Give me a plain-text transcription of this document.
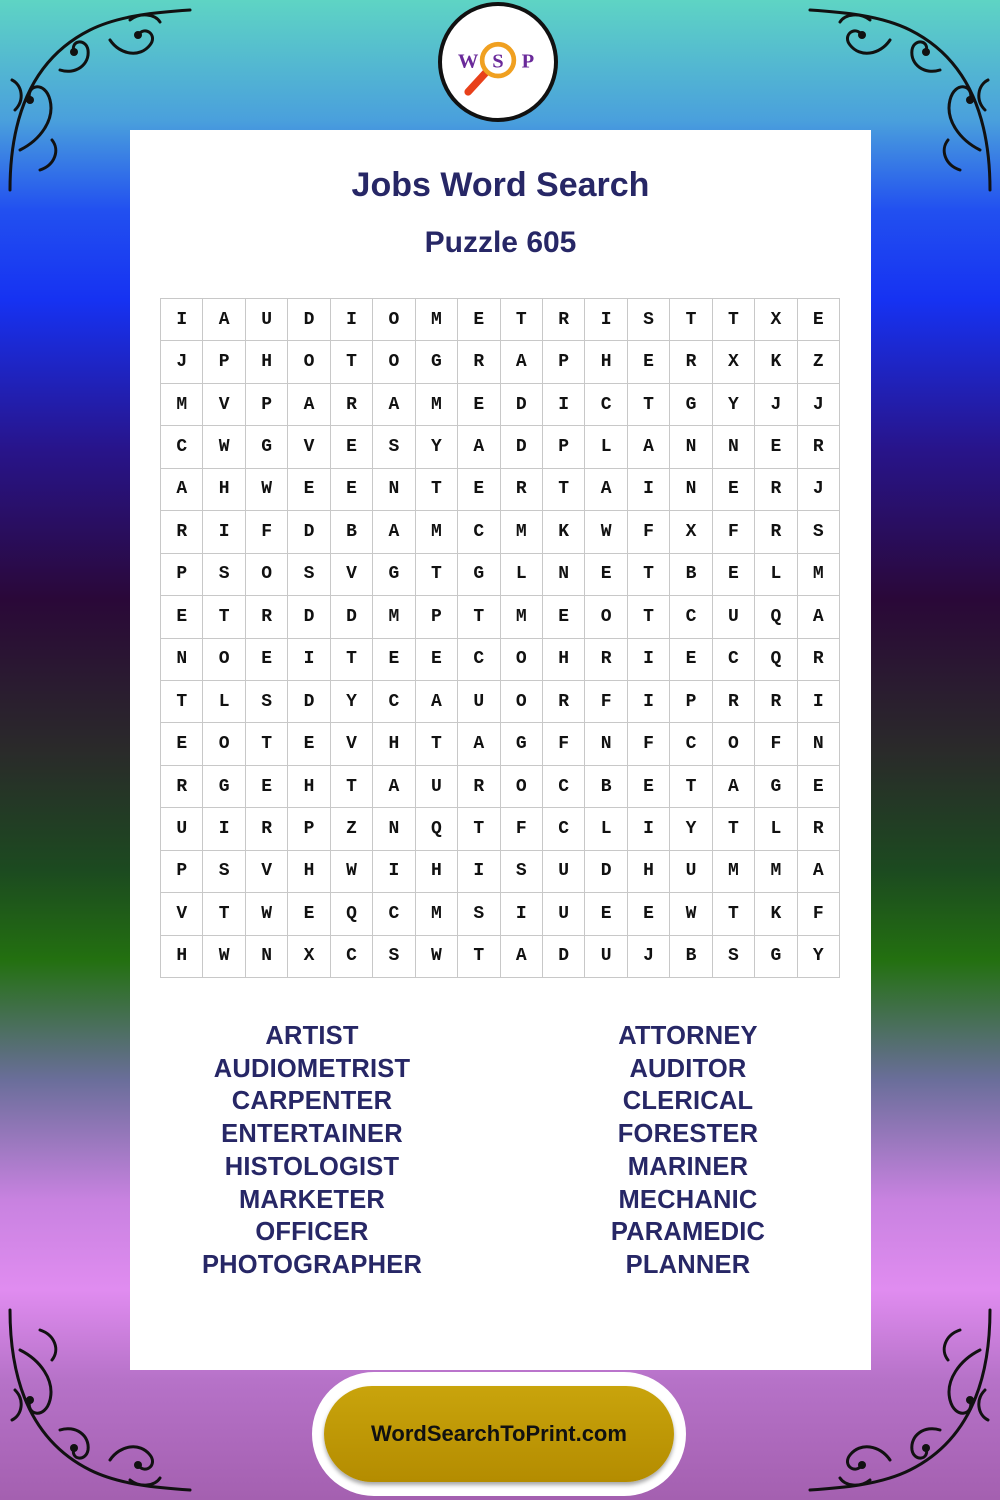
W S P
Jobs Word Search
Puzzle 605
I	A	U	D	I	O	M	E	T	R	I	S	T	T	X	E
J	P	H	O	T	O	G	R	A	P	H	E	R	X	K	Z
M	V	P	A	R	A	M	E	D	I	C	T	G	Y	J	J
C	W	G	V	E	S	Y	A	D	P	L	A	N	N	E	R
A	H	W	E	E	N	T	E	R	T	A	I	N	E	R	J
R	I	F	D	B	A	M	C	M	K	W	F	X	F	R	S
P	S	O	S	V	G	T	G	L	N	E	T	B	E	L	M
E	T	R	D	D	M	P	T	M	E	O	T	C	U	Q	A
N	O	E	I	T	E	E	C	O	H	R	I	E	C	Q	R
T	L	S	D	Y	C	A	U	O	R	F	I	P	R	R	I
E	O	T	E	V	H	T	A	G	F	N	F	C	O	F	N
R	G	E	H	T	A	U	R	O	C	B	E	T	A	G	E
U	I	R	P	Z	N	Q	T	F	C	L	I	Y	T	L	R
P	S	V	H	W	I	H	I	S	U	D	H	U	M	M	A
V	T	W	E	Q	C	M	S	I	U	E	E	W	T	K	F
H	W	N	X	C	S	W	T	A	D	U	J	B	S	G	Y
ARTIST
AUDIOMETRIST
CARPENTER
ENTERTAINER
HISTOLOGIST
MARKETER
OFFICER
PHOTOGRAPHER
ATTORNEY
AUDITOR
CLERICAL
FORESTER
MARINER
MECHANIC
PARAMEDIC
PLANNER
WordSearchToPrint.com
